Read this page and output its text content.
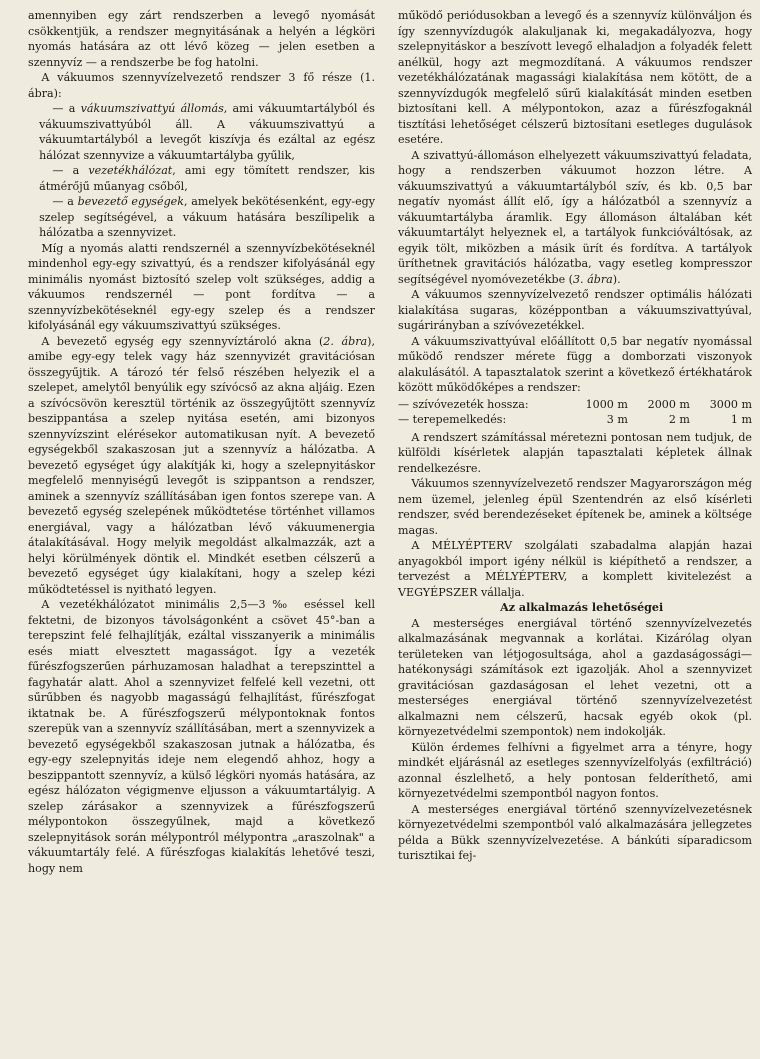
amennyiben egy zárt rendszerben a levegő nyomását csökkentjük, a rendszer megnyitásának a helyén a légköri nyomás hatására az ott lévő közeg — jelen esetben a szennyvíz — a rendszerbe be fog hatolni.

A vákuumos szennyvízelvezető rendszer 3 fő része (1. ábra):

— a vákuumszivattyú állomás, ami vákuumtartályból és vákuumszivattyúból áll. A vákuumszivattyú a vákuumtartályból a levegőt kiszívja és ezáltal az egész hálózat szennyvize a vákuumtartályba gyűlik,

— a vezetékhálózat, ami egy tömített rendszer, kis átmérőjű műanyag csőből,

— a bevezető egységek, amelyek bekötésenként, egy-egy szelep segítségével, a vákuum hatására beszílipelik a hálózatba a szennyvizet.

Míg a nyomás alatti rendszernél a szennyvízbekötéseknél mindenhol egy-egy szivattyú, és a rendszer kifolyásánál egy minimális nyomást biztosító szelep volt szükséges, addig a vákuumos rendszernél — pont fordítva — a szennyvízbekötéseknél egy-egy szelep és a rendszer kifolyásánál egy vákuumszivattyú szükséges.

A bevezető egység egy szennyvíztároló akna (2. ábra), amibe egy-egy telek vagy ház szennyvizét gravitációsan összegyűjtik. A tározó tér felső részében helyezik el a szelepet, amelytől benyúlik egy szívócső az akna aljáig. Ezen a szívócsövön keresztül történik az összegyűjtött szennyvíz beszippantása a szelep nyitása esetén, ami bizonyos szennyvízszint elérésekor automatikusan nyít. A bevezető egységekből szakaszosan jut a szennyvíz a hálózatba. A bevezető egységet úgy alakítják ki, hogy a szelepnyitáskor megfelelő mennyiségű levegőt is szippantson a rendszer, aminek a szennyvíz szállításában igen fontos szerepe van. A bevezető egység szelepének működtetése történhet villamos energiával, vagy a hálózatban lévő vákuumenergia átalakításával. Hogy melyik megoldást alkalmazzák, azt a helyi körülmények döntik el. Mindkét esetben célszerű a bevezető egységet úgy kialakítani, hogy a szelep kézi működtetéssel is nyitható legyen.

A vezetékhálózatot minimális 2,5—3‰ eséssel kell fektetni, de bizonyos távolságonként a csövet 45°-ban a terepszint felé felhajlítják, ezáltal visszanyerik a minimális esés miatt elvesztett magasságot. Így a vezeték fűrészfogszerűen párhuzamosan haladhat a terepszinttel a fagyhatár alatt. Ahol a szennyvizet felfelé kell vezetni, ott sűrűbben és nagyobb magasságú felhajlítást, fűrészfogat iktatnak be. A fűrészfogszerű mélypontoknak fontos szerepük van a szennyvíz szállításában, mert a szennyvizek a bevezető egységekből szakaszosan jutnak a hálózatba, és egy-egy szelepnyitás ideje nem elegendő ahhoz, hogy a beszippantott szennyvíz, a külső légköri nyomás hatására, az egész hálózaton végigmenve eljusson a vákuumtartályig. A szelep zárásakor a szennyvizek a fűrészfogszerű mélypontokon összegyűlnek, majd a következő szelepnyitások során mélypontról mélypontra „araszolnak" a vákuumtartály felé. A fűrészfogas kialakítás lehetővé teszi, hogy nem

működő periódusokban a levegő és a szennyvíz különváljon és így szennyvízdugók alakuljanak ki, megakadályozva, hogy szelepnyitáskor a beszívott levegő elhaladjon a folyadék felett anélkül, hogy azt megmozdítaná. A vákuumos rendszer vezetékhálózatának magassági kialakítása nem kötött, de a szennyvízdugók megfelelő sűrű kialakítását minden esetben biztosítani kell. A mélypontokon, azaz a fűrészfogaknál tisztítási lehetőséget célszerű biztosítani esetleges dugulások esetére.

A szivattyú-állomáson elhelyezett vákuumszivattyú feladata, hogy a rendszerben vákuumot hozzon létre. A vákuumszivattyú a vákuumtartályból szív, és kb. 0,5 bar negatív nyomást állít elő, így a hálózatból a szennyvíz a vákuumtartályba áramlik. Egy állomáson általában két vákuumtartályt helyeznek el, a tartályok funkcióváltósak, az egyik tölt, miközben a másik ürít és fordítva. A tartályok üríthetnek gravitációs hálózatba, vagy esetleg kompresszor segítségével nyomóvezetékbe (3. ábra).

A vákuumos szennyvízelvezető rendszer optimális hálózati kialakítása sugaras, középpontban a vákuumszivattyúval, sugárirányban a szívóvezetékkel.

A vákuumszivattyúval előállított 0,5 bar negatív nyomással működő rendszer mérete függ a domborzati viszonyok alakulásától. A tapasztalatok szerint a következő értékhatárok között működőképes a rendszer:

— szívóvezeték hossza:	1000 m	2000 m	3000 m
— terepemelkedés:	3 m	2 m	1 m

A rendszert számítással méretezni pontosan nem tudjuk, de külföldi kísérletek alapján tapasztalati képletek állnak rendelkezésre.

Vákuumos szennyvízelvezető rendszer Magyarországon még nem üzemel, jelenleg épül Szentendrén az első kísérleti rendszer, svéd berendezéseket építenek be, aminek a költsége magas.

A MÉLYÉPTERV szolgálati szabadalma alapján hazai anyagokból import igény nélkül is kiépíthető a rendszer, a tervezést a MÉLYÉPTERV, a komplett kivitelezést a VEGYÉPSZER vállalja.

Az alkalmazás lehetőségei

A mesterséges energiával történő szennyvízelvezetés alkalmazásának megvannak a korlátai. Kizárólag olyan területeken van létjogosultsága, ahol a gazdaságossági—hatékonysági számítások ezt igazolják. Ahol a szennyvizet gravitációsan gazdaságosan el lehet vezetni, ott a mesterséges energiával történő szennyvízelvezetést alkalmazni nem célszerű, hacsak egyéb okok (pl. környezetvédelmi szempontok) nem indokolják.

Külön érdemes felhívni a figyelmet arra a tényre, hogy mindkét eljárásnál az esetleges szennyvízelfolyás (exfiltráció) azonnal észlelhető, a hely pontosan felderíthető, ami környezetvédelmi szempontból nagyon fontos.

A mesterséges energiával történő szennyvízelvezetésnek környezetvédelmi szempontból való alkalmazására jellegzetes példa a Bükk szennyvízelvezetése. A bánkúti síparadicsom turisztikai fej-
